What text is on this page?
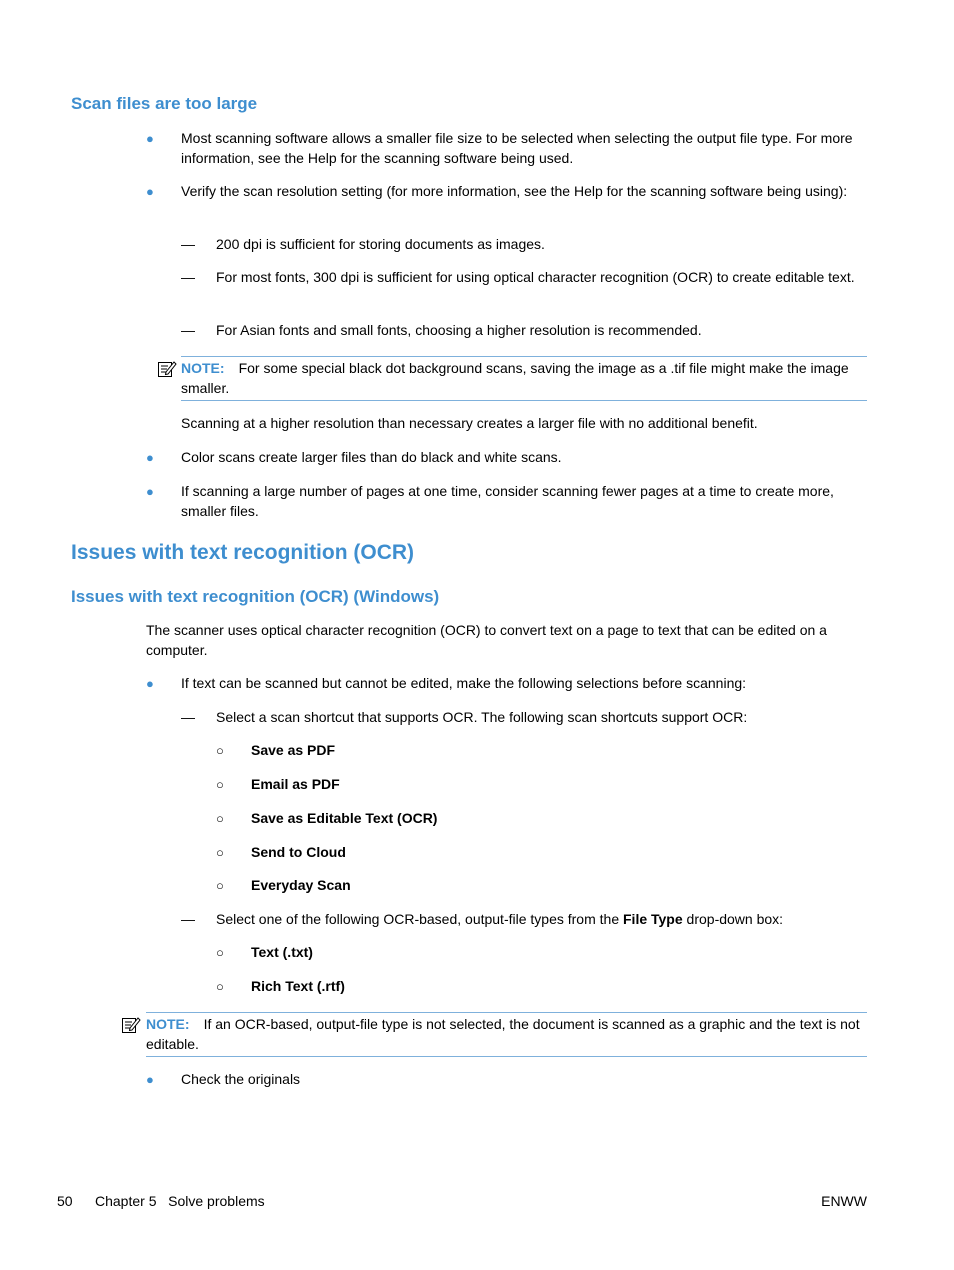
Scan files are too large
● Most scanning software allows a smaller file size to be selected when selecting the output file type. For more information, see the Help for the scanning software being used.
● Verify the scan resolution setting (for more information, see the Help for the scanning software being using):
— 200 dpi is sufficient for storing documents as images.
— For most fonts, 300 dpi is sufficient for using optical character recognition (OCR) to create editable text.
— For Asian fonts and small fonts, choosing a higher resolution is recommended.
NOTE: For some special black dot background scans, saving the image as a .tif file might make the image smaller.
Scanning at a higher resolution than necessary creates a larger file with no additional benefit.
● Color scans create larger files than do black and white scans.
● If scanning a large number of pages at one time, consider scanning fewer pages at a time to create more, smaller files.
Issues with text recognition (OCR)
Issues with text recognition (OCR) (Windows)
The scanner uses optical character recognition (OCR) to convert text on a page to text that can be edited on a computer.
● If text can be scanned but cannot be edited, make the following selections before scanning:
— Select a scan shortcut that supports OCR. The following scan shortcuts support OCR:
○ Save as PDF
○ Email as PDF
○ Save as Editable Text (OCR)
○ Send to Cloud
○ Everyday Scan
— Select one of the following OCR-based, output-file types from the File Type drop-down box:
○ Text (.txt)
○ Rich Text (.rtf)
NOTE: If an OCR-based, output-file type is not selected, the document is scanned as a graphic and the text is not editable.
● Check the originals
50 Chapter 5   Solve problems	ENWW
